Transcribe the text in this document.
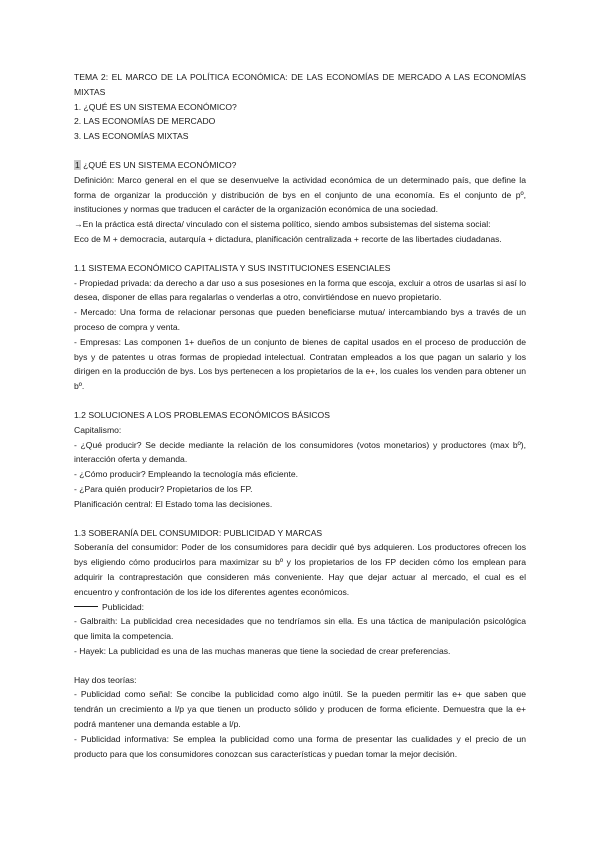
TEMA 2: EL MARCO DE LA POLÍTICA ECONÓMICA: DE LAS ECONOMÍAS DE MERCADO A LAS ECONOMÍAS MIXTAS

1. ¿QUÉ ES UN SISTEMA ECONÓMICO?

2. LAS ECONOMÍAS DE MERCADO

3. LAS ECONOMÍAS MIXTAS

1 ¿QUÉ ES UN SISTEMA ECONÓMICO?

Definición: Marco general en el que se desenvuelve la actividad económica de un determinado país, que define la forma de organizar la producción y distribución de bys en el conjunto de una economía. Es el conjunto de pº, instituciones y normas que traducen el carácter de la organización económica de una sociedad.

→En la práctica está directa/ vinculado con el sistema político, siendo ambos subsistemas del sistema social:

Eco de M + democracia, autarquía + dictadura, planificación centralizada + recorte de las libertades ciudadanas.

1.1 SISTEMA ECONÓMICO CAPITALISTA Y SUS INSTITUCIONES ESENCIALES

- Propiedad privada: da derecho a dar uso a sus posesiones en la forma que escoja, excluir a otros de usarlas si así lo desea, disponer de ellas para regalarlas o venderlas a otro, convirtiéndose en nuevo propietario.

- Mercado: Una forma de relacionar personas que pueden beneficiarse mutua/ intercambiando bys a través de un proceso de compra y venta.

- Empresas: Las componen 1+ dueños de un conjunto de bienes de capital usados en el proceso de producción de bys y de patentes u otras formas de propiedad intelectual. Contratan empleados a los que pagan un salario y los dirigen en la producción de bys. Los bys pertenecen a los propietarios de la e+, los cuales los venden para obtener un bº.

1.2 SOLUCIONES A LOS PROBLEMAS ECONÓMICOS BÁSICOS

Capitalismo:

- ¿Qué producir? Se decide mediante la relación de los consumidores (votos monetarios) y productores (max bº), interacción oferta y demanda.

- ¿Cómo producir? Empleando la tecnología más eficiente.

- ¿Para quién producir? Propietarios de los FP.

Planificación central: El Estado toma las decisiones.

1.3 SOBERANÍA DEL CONSUMIDOR: PUBLICIDAD Y MARCAS

Soberanía del consumidor: Poder de los consumidores para decidir qué bys adquieren. Los productores ofrecen los bys eligiendo cómo producirlos para maximizar su bº y los propietarios de los FP deciden cómo los emplean para adquirir la contraprestación que consideren más conveniente. Hay que dejar actuar al mercado, el cual es el encuentro y confrontación de los ide los diferentes agentes económicos.

Publicidad:

- Galbraith: La publicidad crea necesidades que no tendríamos sin ella. Es una táctica de manipulación psicológica que limita la competencia.

- Hayek: La publicidad es una de las muchas maneras que tiene la sociedad de crear preferencias.

Hay dos teorías:

- Publicidad como señal: Se concibe la publicidad como algo inútil. Se la pueden permitir las e+ que saben que tendrán un crecimiento a l/p ya que tienen un producto sólido y producen de forma eficiente. Demuestra que la e+ podrá mantener una demanda estable a l/p.

- Publicidad informativa: Se emplea la publicidad como una forma de presentar las cualidades y el precio de un producto para que los consumidores conozcan sus características y puedan tomar la mejor decisión.
